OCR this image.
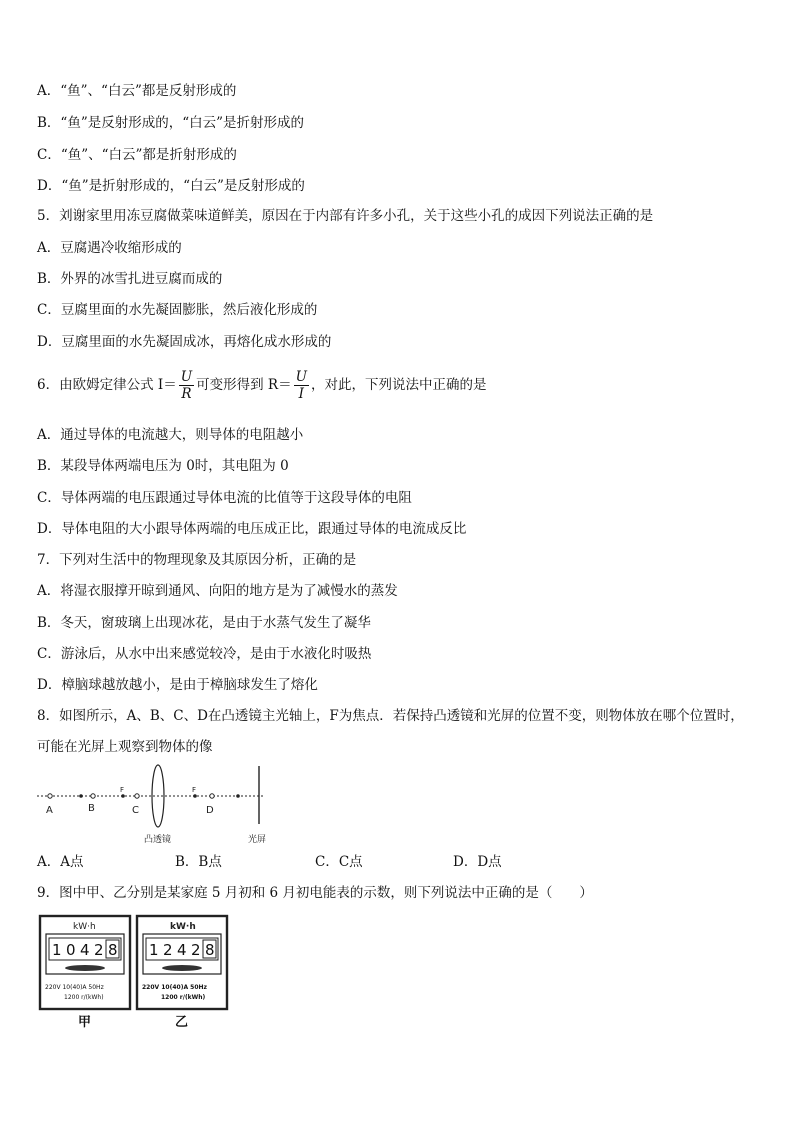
A．“鱼”、“白云”都是反射形成的
B．“鱼”是反射形成的，“白云”是折射形成的
C．“鱼”、“白云”都是折射形成的
D．“鱼”是折射形成的，“白云”是反射形成的
5．刘谢家里用冻豆腐做菜味道鲜美，原因在于内部有许多小孔，关于这些小孔的成因下列说法正确的是
A．豆腐遇冷收缩形成的
B．外界的冰雪扎进豆腐而成的
C．豆腐里面的水先凝固膨胀，然后液化形成的
D．豆腐里面的水先凝固成冰，再熔化成水形成的
6．由欧姆定律公式 $I= \frac{U}{R}$ 可变形得到 $R= \frac{U}{I}$ ，对此，下列说法中正确的是
A．通过导体的电流越大，则导体的电阻越小
B．某段导体两端电压为 0时，其电阻为 0
C．导体两端的电压跟通过导体电流的比值等于这段导体的电阻
D．导体电阻的大小跟导体两端的电压成正比，跟通过导体的电流成反比
7．下列对生活中的物理现象及其原因分析，正确的是
A．将湿衣服撑开晾到通风、向阳的地方是为了减慢水的蒸发
B．冬天，窗玻璃上出现冰花，是由于水蒸气发生了凝华
C．游泳后，从水中出来感觉较冷，是由于水液化时吸热
D．樟脑球越放越小，是由于樟脑球发生了熔化
8．如图所示，A、B、C、D在凸透镜主光轴上，F为焦点．若保持凸透镜和光屏的位置不变，则物体放在哪个位置时，
可能在光屏上观察到物体的像
A	B
F
C
F
D
凸透镜	光屏
A．A点	B．B点	C．C点	D．D点
9．图中甲、乙分别是某家庭 5 月初和 6 月初电能表的示数，则下列说法中正确的是（　　）
kW·h
1 0 4 2 8
220V 10(40)A 50Hz
1200 r/(kWh)
甲
kW·h
1 2 4 2 8
220V 10(40)A 50Hz
1200 r/(kWh)
乙
